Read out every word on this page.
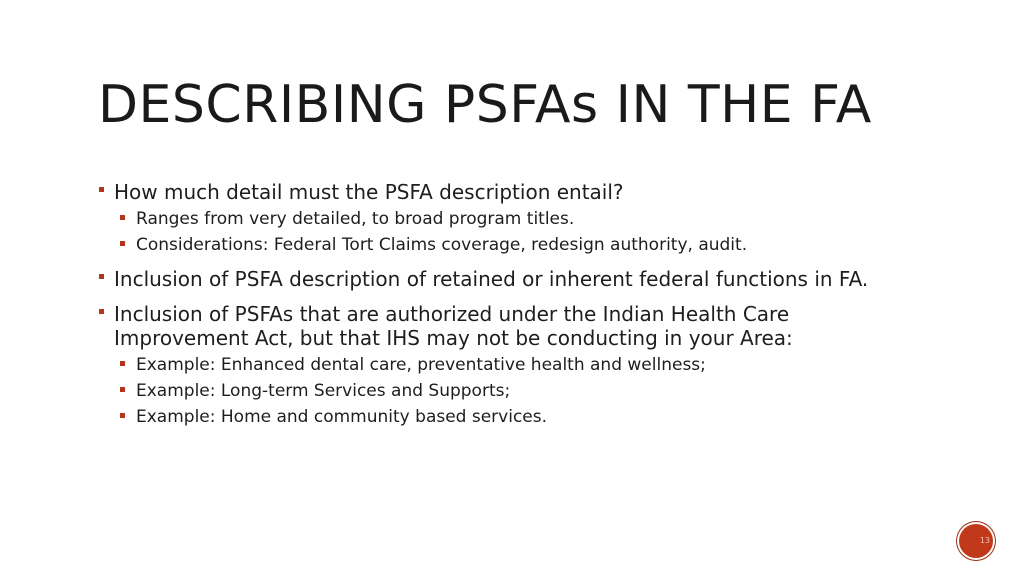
DESCRIBING PSFAs IN THE FA
How much detail must the PSFA description entail?
Ranges from very detailed, to broad program titles.
Considerations: Federal Tort Claims coverage, redesign authority, audit.
Inclusion of PSFA description of retained or inherent federal functions in FA.
Inclusion of PSFAs that are authorized under the Indian Health Care Improvement Act, but that IHS may not be conducting in your Area:
Example: Enhanced dental care, preventative health and wellness;
Example: Long-term Services and Supports;
Example: Home and community based services.
13
